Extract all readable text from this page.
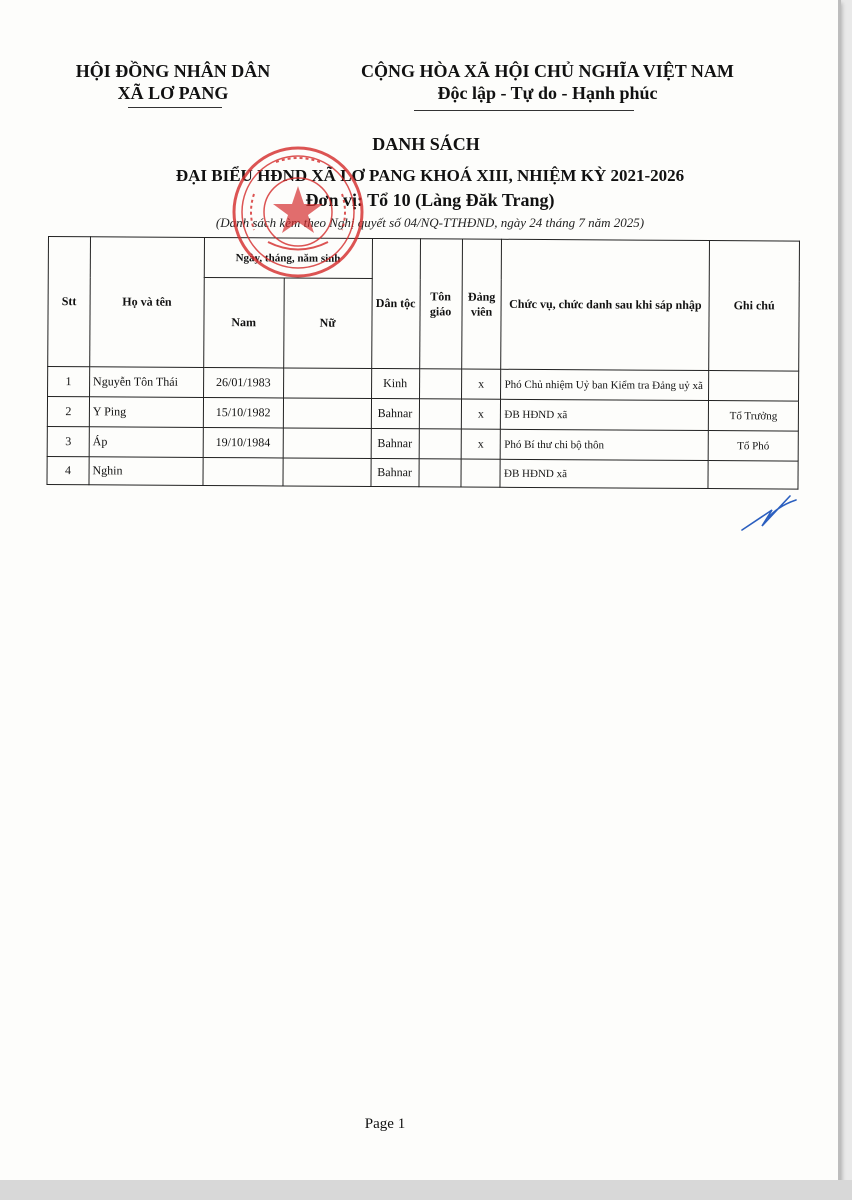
HỘI ĐỒNG NHÂN DÂN
XÃ LƠ PANG
CỘNG HÒA XÃ HỘI CHỦ NGHĨA VIỆT NAM
Độc lập - Tự do - Hạnh phúc
DANH SÁCH
ĐẠI BIỂU HĐND XÃ LƠ PANG KHOÁ XIII, NHIỆM KỲ 2021-2026
Đơn vị: Tổ 10 (Làng Đăk Trang)
(Danh sách kèm theo Nghị quyết số 04/NQ-TTHĐND, ngày 24 tháng 7 năm 2025)
Stt	Họ và tên	Ngày, tháng, năm sinh		Dân tộc	Tôn giáo	Đảng viên	Chức vụ, chức danh sau khi sáp nhập	Ghi chú
		Nam	Nữ					
1	Nguyễn Tôn Thái	26/01/1983		Kinh		x	Phó Chủ nhiệm Uỷ ban Kiểm tra Đảng uỷ xã	
2	Y Ping	15/10/1982		Bahnar		x	ĐB HĐND xã	Tổ Trưởng
3	Áp	19/10/1984		Bahnar		x	Phó Bí thư chi bộ thôn	Tổ Phó
4	Nghin			Bahnar			ĐB HĐND xã	
Page 1
